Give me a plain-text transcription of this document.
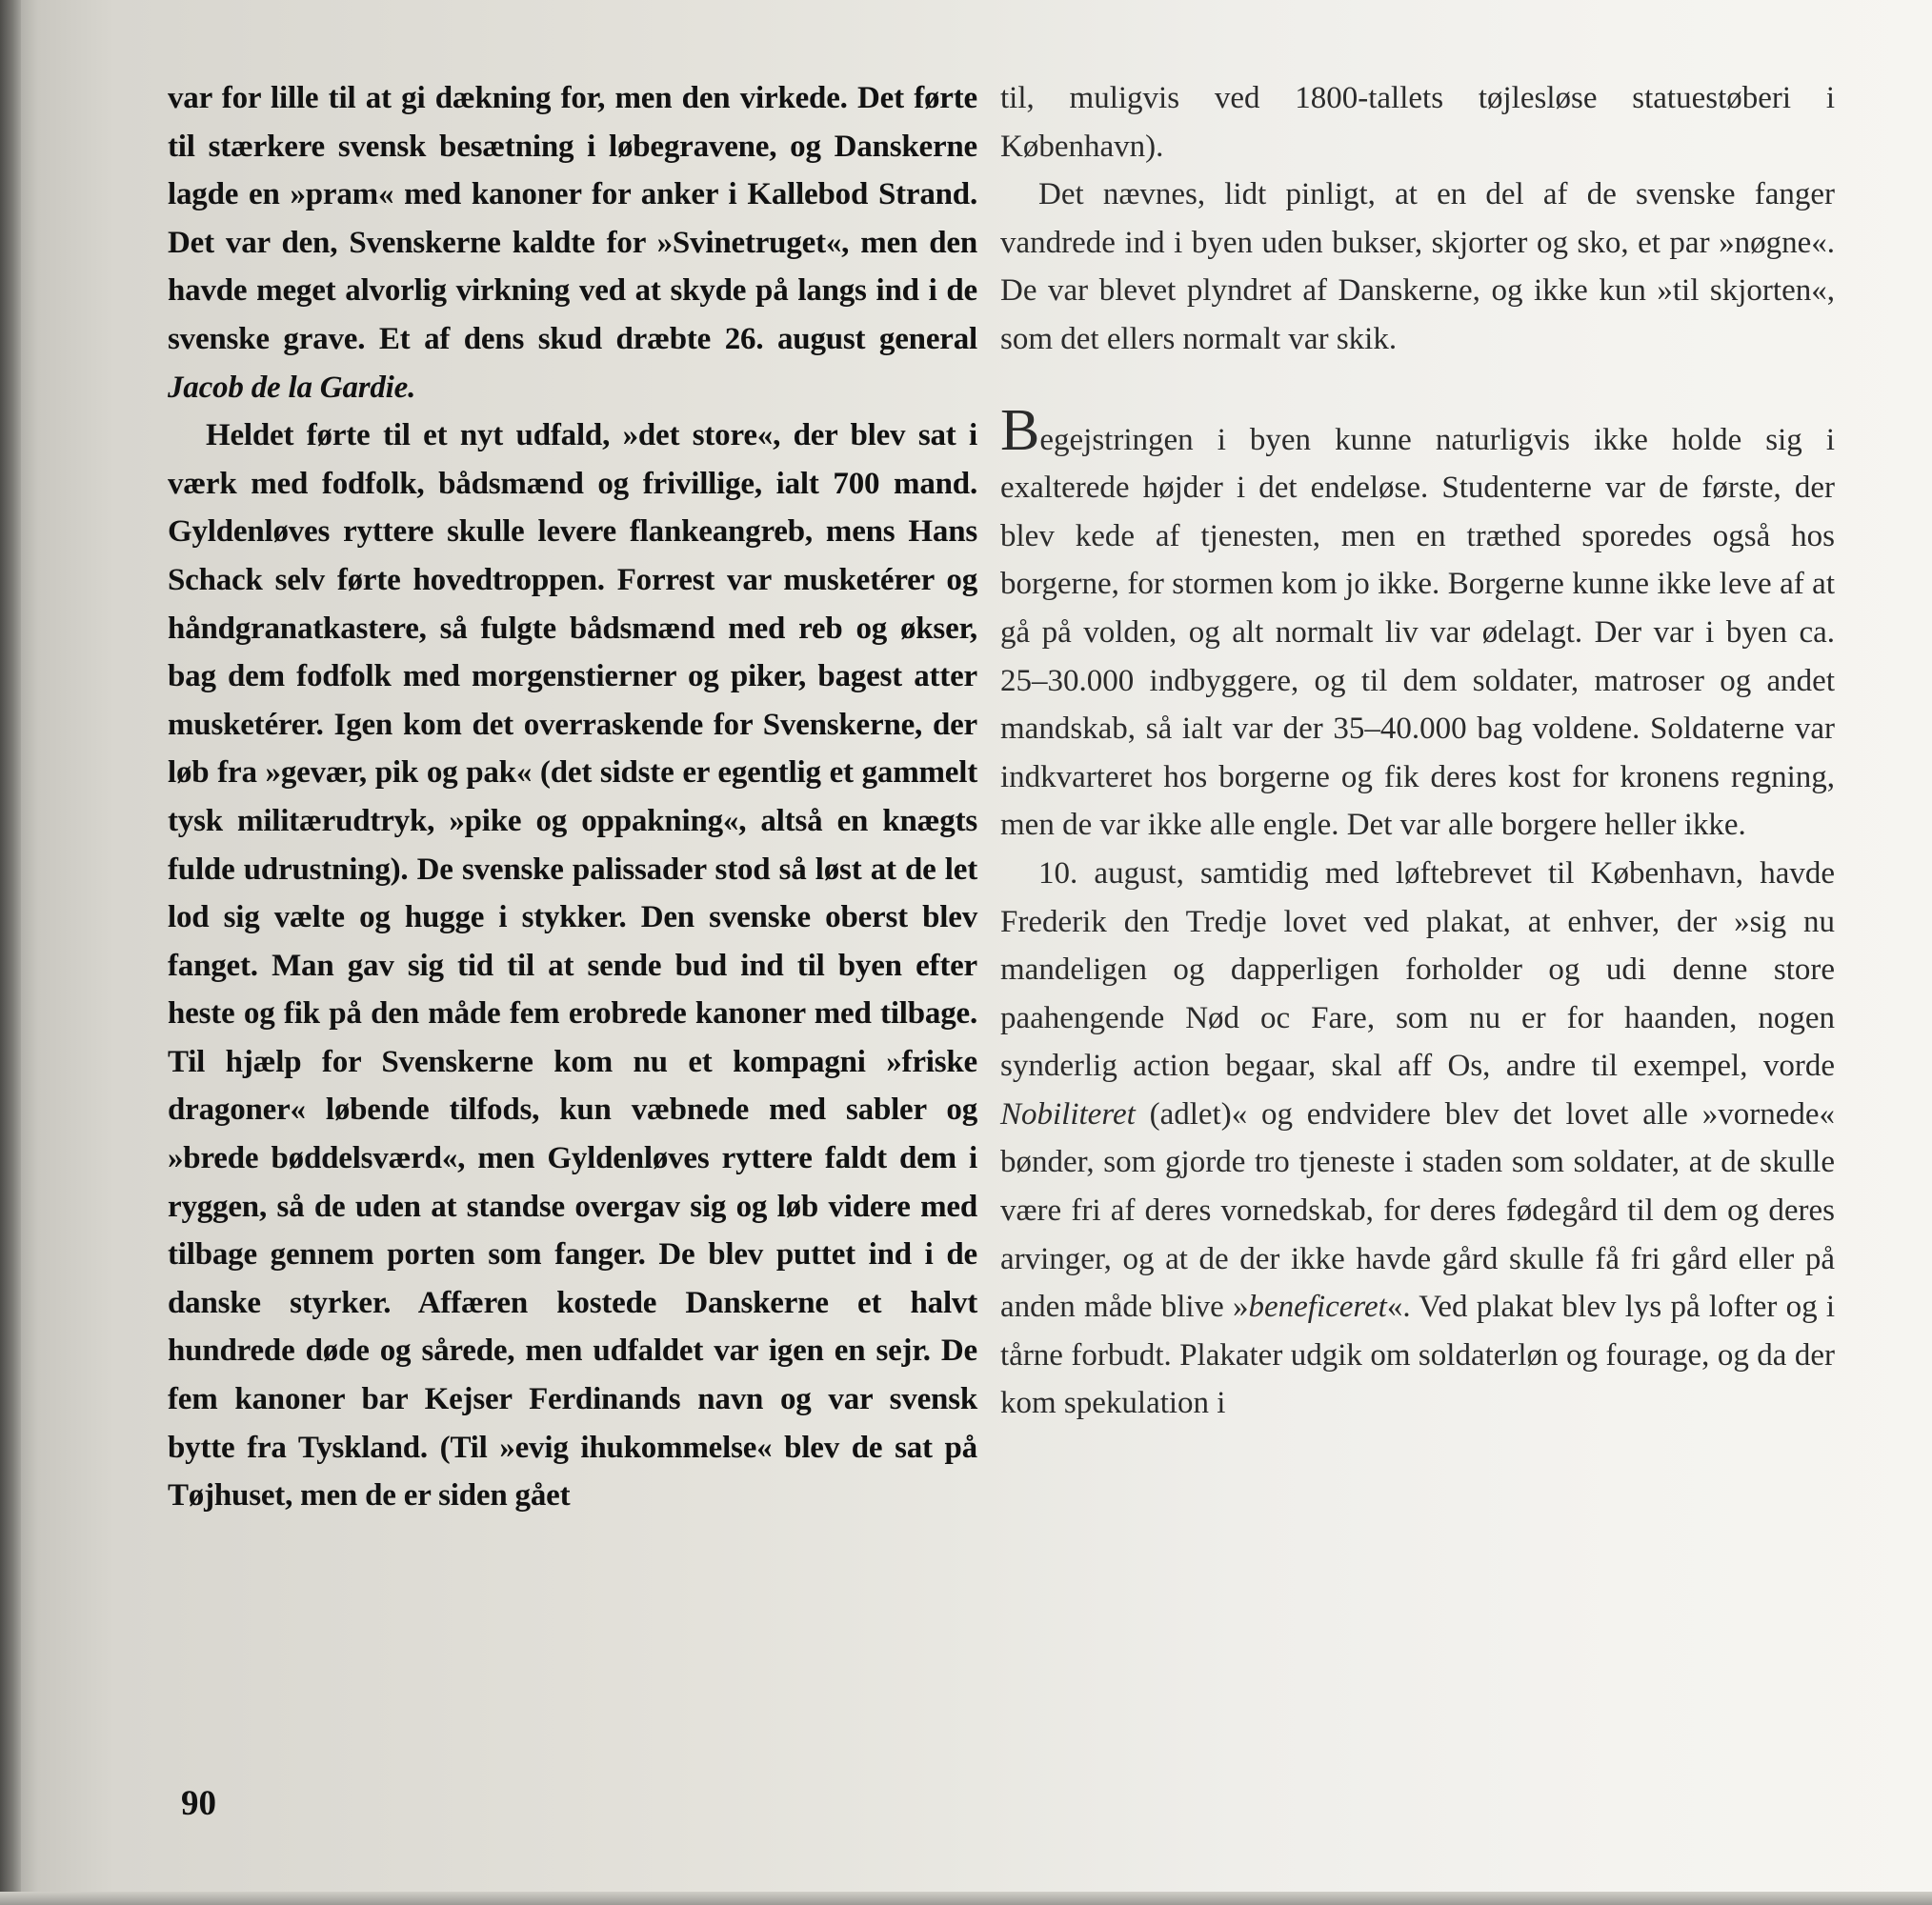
var for lille til at gi dækning for, men den virkede. Det førte til stærkere svensk besætning i løbegravene, og Danskerne lagde en »pram« med kanoner for anker i Kallebod Strand. Det var den, Svenskerne kaldte for »Svinetruget«, men den havde meget alvorlig virkning ved at skyde på langs ind i de svenske grave. Et af dens skud dræbte 26. august general Jacob de la Gardie.

Heldet førte til et nyt udfald, »det store«, der blev sat i værk med fodfolk, bådsmænd og frivillige, ialt 700 mand. Gyldenløves ryttere skulle levere flankeangreb, mens Hans Schack selv førte hovedtroppen. Forrest var musketérer og håndgranatkastere, så fulgte bådsmænd med reb og økser, bag dem fodfolk med morgenstierner og piker, bagest atter musketérer. Igen kom det overraskende for Svenskerne, der løb fra »gevær, pik og pak« (det sidste er egentlig et gammelt tysk militærudtryk, »pike og oppakning«, altså en knægts fulde udrustning). De svenske palissader stod så løst at de let lod sig vælte og hugge i stykker. Den svenske oberst blev fanget. Man gav sig tid til at sende bud ind til byen efter heste og fik på den måde fem erobrede kanoner med tilbage. Til hjælp for Svenskerne kom nu et kompagni »friske dragoner« løbende tilfods, kun væbnede med sabler og »brede bøddelsværd«, men Gyldenløves ryttere faldt dem i ryggen, så de uden at standse overgav sig og løb videre med tilbage gennem porten som fanger. De blev puttet ind i de danske styrker. Affæren kostede Danskerne et halvt hundrede døde og sårede, men udfaldet var igen en sejr. De fem kanoner bar Kejser Ferdinands navn og var svensk bytte fra Tyskland. (Til »evig ihukommelse« blev de sat på Tøjhuset, men de er siden gået

til, muligvis ved 1800-tallets tøjlesløse statuestøberi i København).

Det nævnes, lidt pinligt, at en del af de svenske fanger vandrede ind i byen uden bukser, skjorter og sko, et par »nøgne«. De var blevet plyndret af Danskerne, og ikke kun »til skjorten«, som det ellers normalt var skik.

Begejstringen i byen kunne naturligvis ikke holde sig i exalterede højder i det endeløse. Studenterne var de første, der blev kede af tjenesten, men en træthed sporedes også hos borgerne, for stormen kom jo ikke. Borgerne kunne ikke leve af at gå på volden, og alt normalt liv var ødelagt. Der var i byen ca. 25–30.000 indbyggere, og til dem soldater, matroser og andet mandskab, så ialt var der 35–40.000 bag voldene. Soldaterne var indkvarteret hos borgerne og fik deres kost for kronens regning, men de var ikke alle engle. Det var alle borgere heller ikke.

10. august, samtidig med løftebrevet til København, havde Frederik den Tredje lovet ved plakat, at enhver, der »sig nu mandeligen og dapperligen forholder og udi denne store paahengende Nød oc Fare, som nu er for haanden, nogen synderlig action begaar, skal aff Os, andre til exempel, vorde Nobiliteret (adlet)« og endvidere blev det lovet alle »vornede« bønder, som gjorde tro tjeneste i staden som soldater, at de skulle være fri af deres vornedskab, for deres fødegård til dem og deres arvinger, og at de der ikke havde gård skulle få fri gård eller på anden måde blive »beneficeret«. Ved plakat blev lys på lofter og i tårne forbudt. Plakater udgik om soldaterløn og fourage, og da der kom spekulation i

90
